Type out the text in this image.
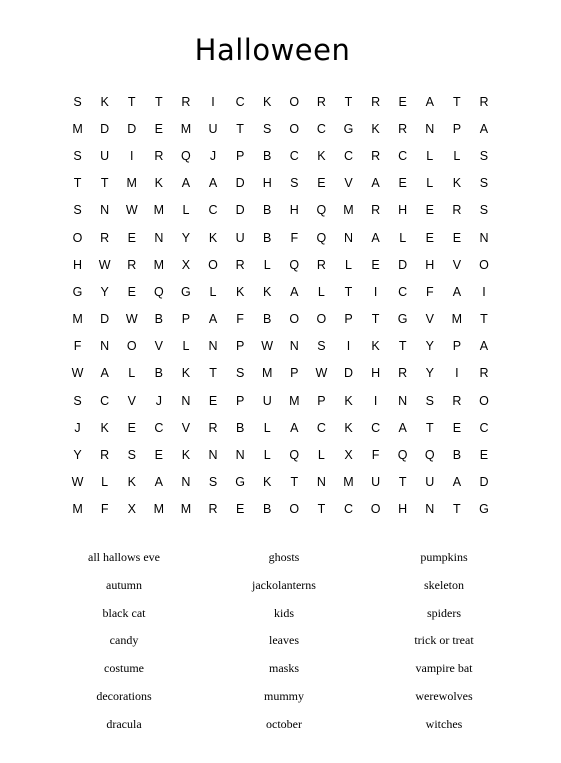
Halloween
S	K	T	T	R	I	C	K	O	R	T	R	E	A	T	R
M	D	D	E	M	U	T	S	O	C	G	K	R	N	P	A
S	U	I	R	Q	J	P	B	C	K	C	R	C	L	L	S
T	T	M	K	A	A	D	H	S	E	V	A	E	L	K	S
S	N	W	M	L	C	D	B	H	Q	M	R	H	E	R	S
O	R	E	N	Y	K	U	B	F	Q	N	A	L	E	E	N
H	W	R	M	X	O	R	L	Q	R	L	E	D	H	V	O
G	Y	E	Q	G	L	K	K	A	L	T	I	C	F	A	I
M	D	W	B	P	A	F	B	O	O	P	T	G	V	M	T
F	N	O	V	L	N	P	W	N	S	I	K	T	Y	P	A
W	A	L	B	K	T	S	M	P	W	D	H	R	Y	I	R
S	C	V	J	N	E	P	U	M	P	K	I	N	S	R	O
J	K	E	C	V	R	B	L	A	C	K	C	A	T	E	C
Y	R	S	E	K	N	N	L	Q	L	X	F	Q	Q	B	E
W	L	K	A	N	S	G	K	T	N	M	U	T	U	A	D
M	F	X	M	M	R	E	B	O	T	C	O	H	N	T	G
all hallows eve	ghosts	pumpkins
autumn	jackolanterns	skeleton
black cat	kids	spiders
candy	leaves	trick or treat
costume	masks	vampire bat
decorations	mummy	werewolves
dracula	october	witches
